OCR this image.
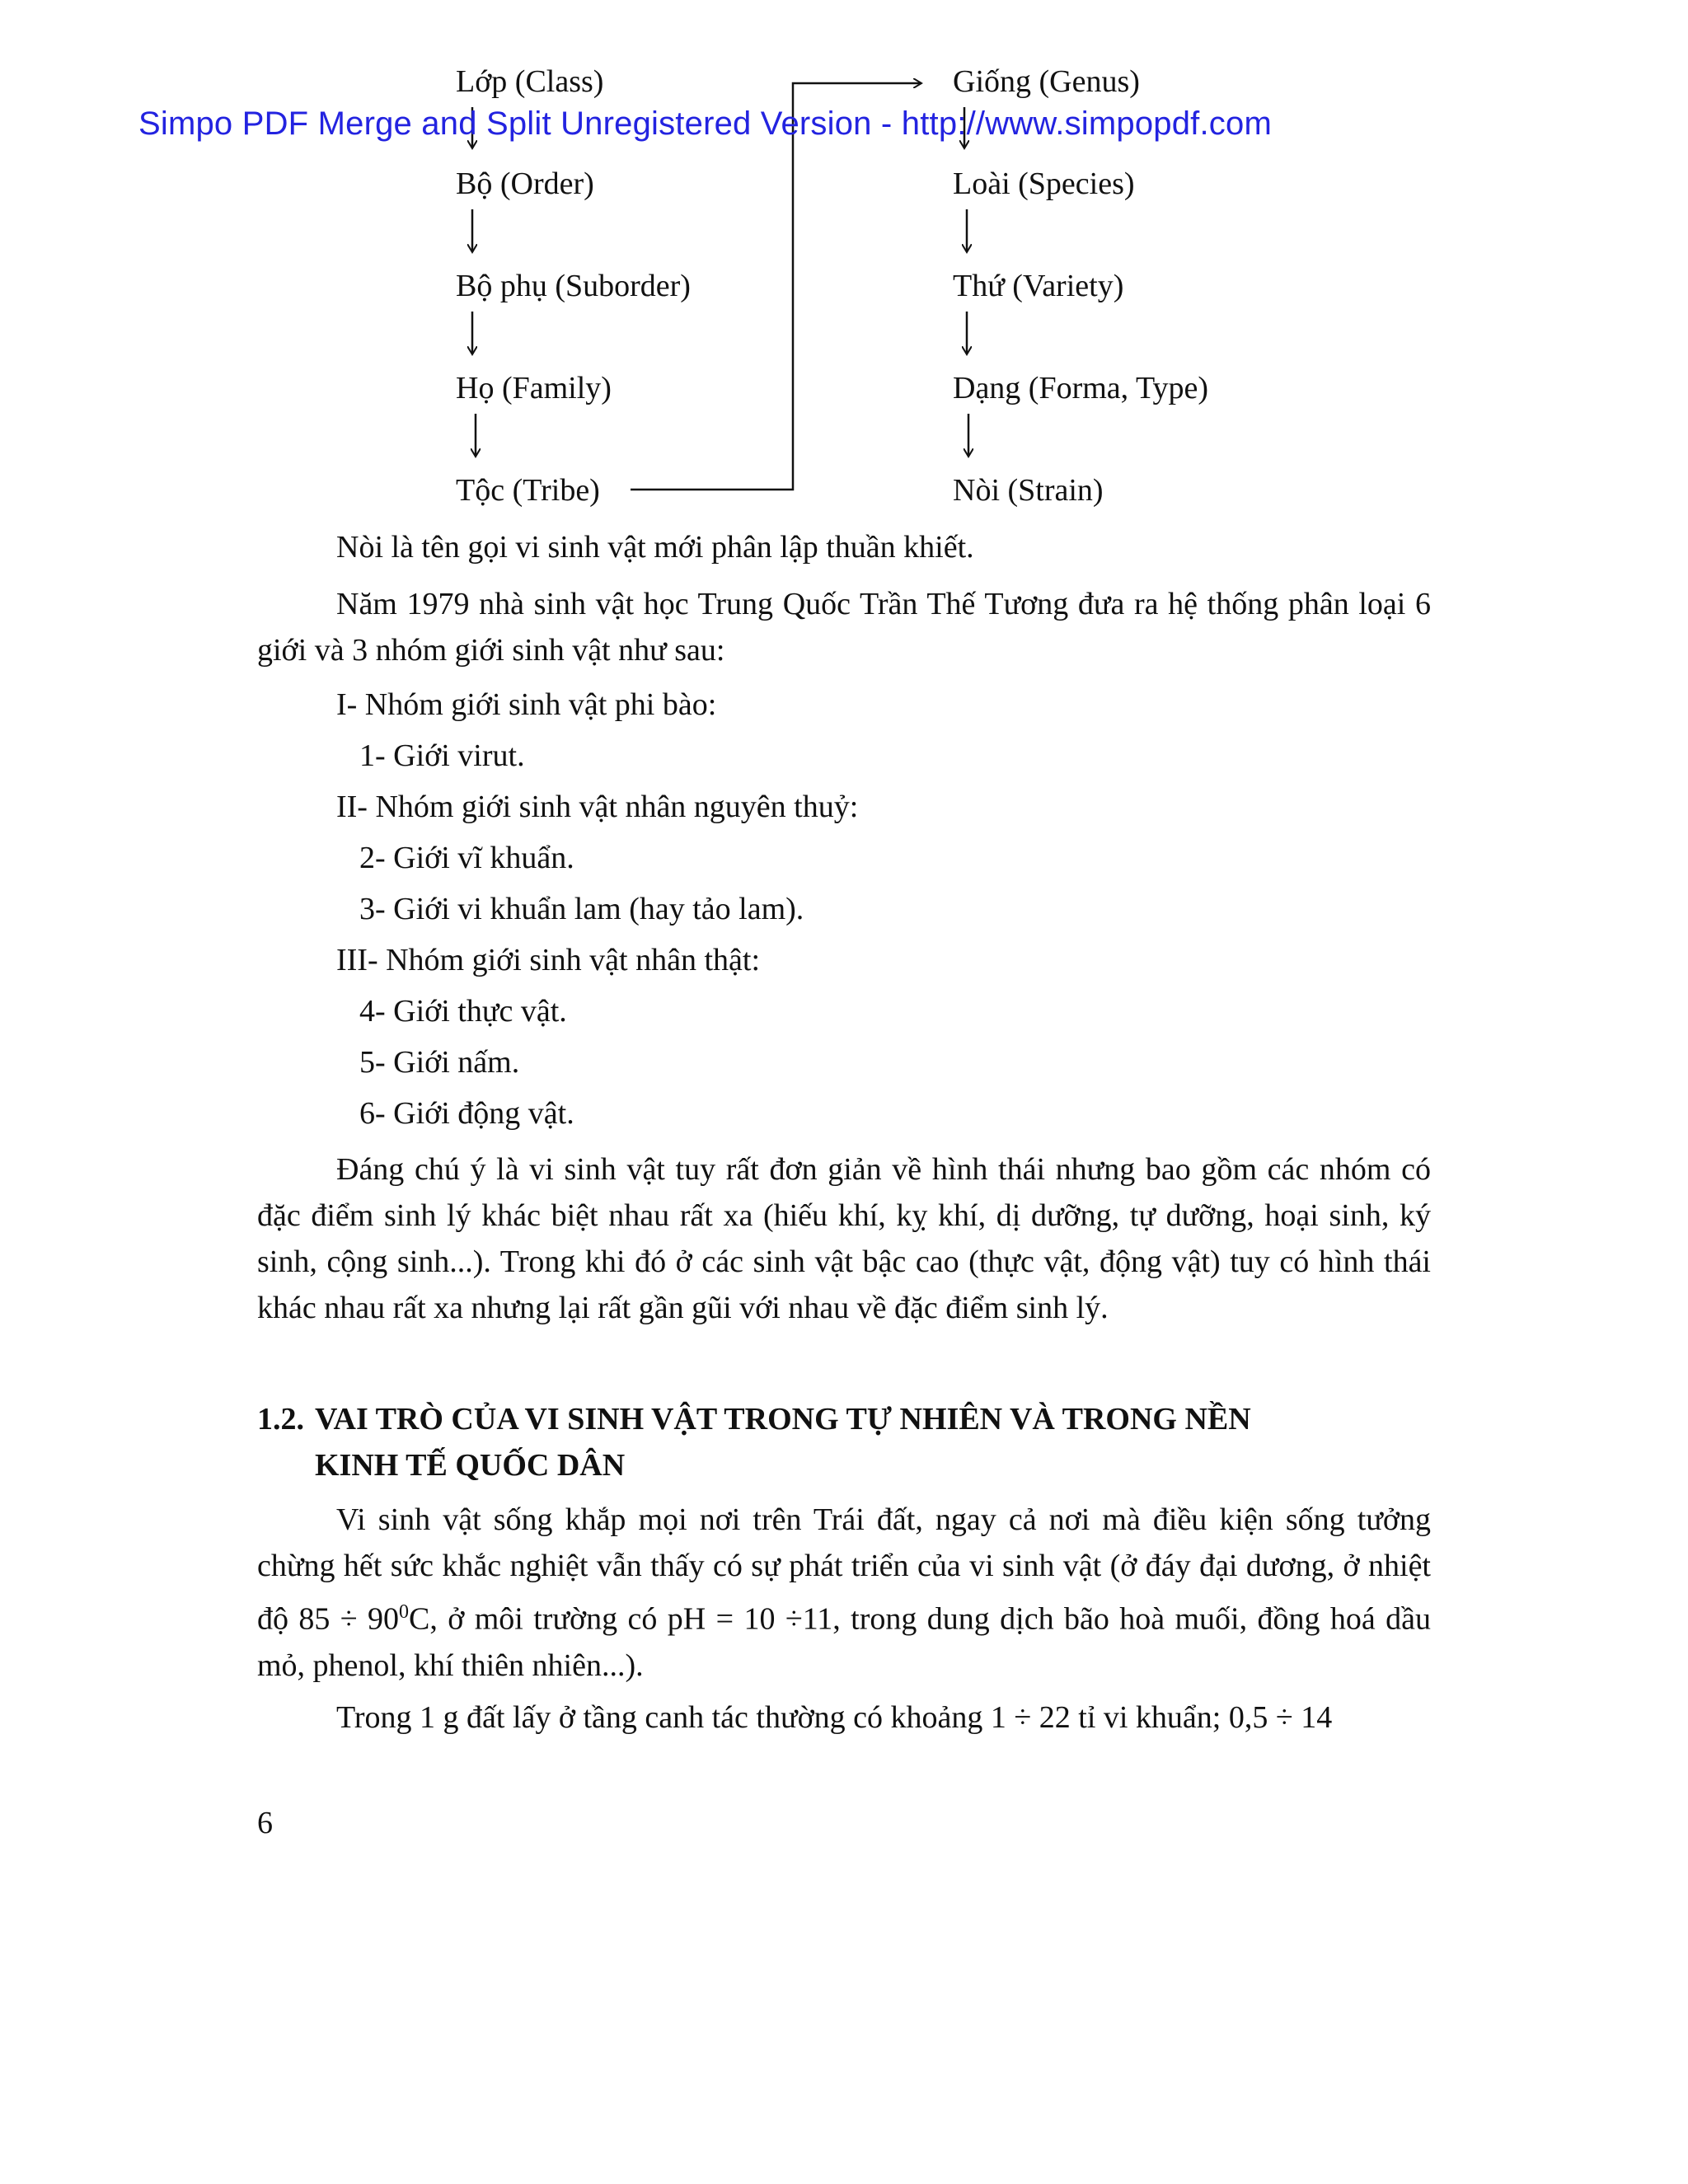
Simpo PDF Merge and Split Unregistered Version - http://www.simpopdf.com
Lớp (Class)
Bộ (Order)
Bộ phụ (Suborder)
Họ (Family)
Tộc (Tribe)
Giống (Genus)
Loài (Species)
Thứ (Variety)
Dạng (Forma, Type)
Nòi (Strain)
Nòi là tên gọi vi sinh vật mới phân lập thuần khiết.
Năm 1979 nhà sinh vật học Trung Quốc Trần Thế Tương đưa ra hệ thống phân loại 6 giới và 3 nhóm giới sinh vật như sau:
I- Nhóm giới sinh vật phi bào:
1- Giới virut.
II- Nhóm giới sinh vật nhân nguyên thuỷ:
2- Giới vĩ khuẩn.
3- Giới vi khuẩn lam (hay tảo lam).
III- Nhóm giới sinh vật nhân thật:
4- Giới thực vật.
5- Giới nấm.
6- Giới động vật.
Đáng chú ý là vi sinh vật tuy rất đơn giản về hình thái nhưng bao gồm các nhóm có đặc điểm sinh lý khác biệt nhau rất xa (hiếu khí, kỵ khí, dị dưỡng, tự dưỡng, hoại sinh, ký sinh, cộng sinh...). Trong khi đó ở các sinh vật bậc cao (thực vật, động vật) tuy có hình thái khác nhau rất xa nhưng lại rất gần gũi với nhau về đặc điểm sinh lý.
1.2. VAI TRÒ CỦA VI SINH VẬT TRONG TỰ NHIÊN VÀ TRONG NỀN
KINH TẾ QUỐC DÂN
Vi sinh vật sống khắp mọi nơi trên Trái đất, ngay cả nơi mà điều kiện sống tưởng chừng hết sức khắc nghiệt vẫn thấy có sự phát triển của vi sinh vật (ở đáy đại dương, ở nhiệt độ $85 \div 90^0C$, ở môi trường có pH = 10 ÷11, trong dung dịch bão hoà muối, đồng hoá dầu mỏ, phenol, khí thiên nhiên...).
Trong 1 g đất lấy ở tầng canh tác thường có khoảng 1 ÷ 22 tỉ vi khuẩn; 0,5 ÷ 14
6
